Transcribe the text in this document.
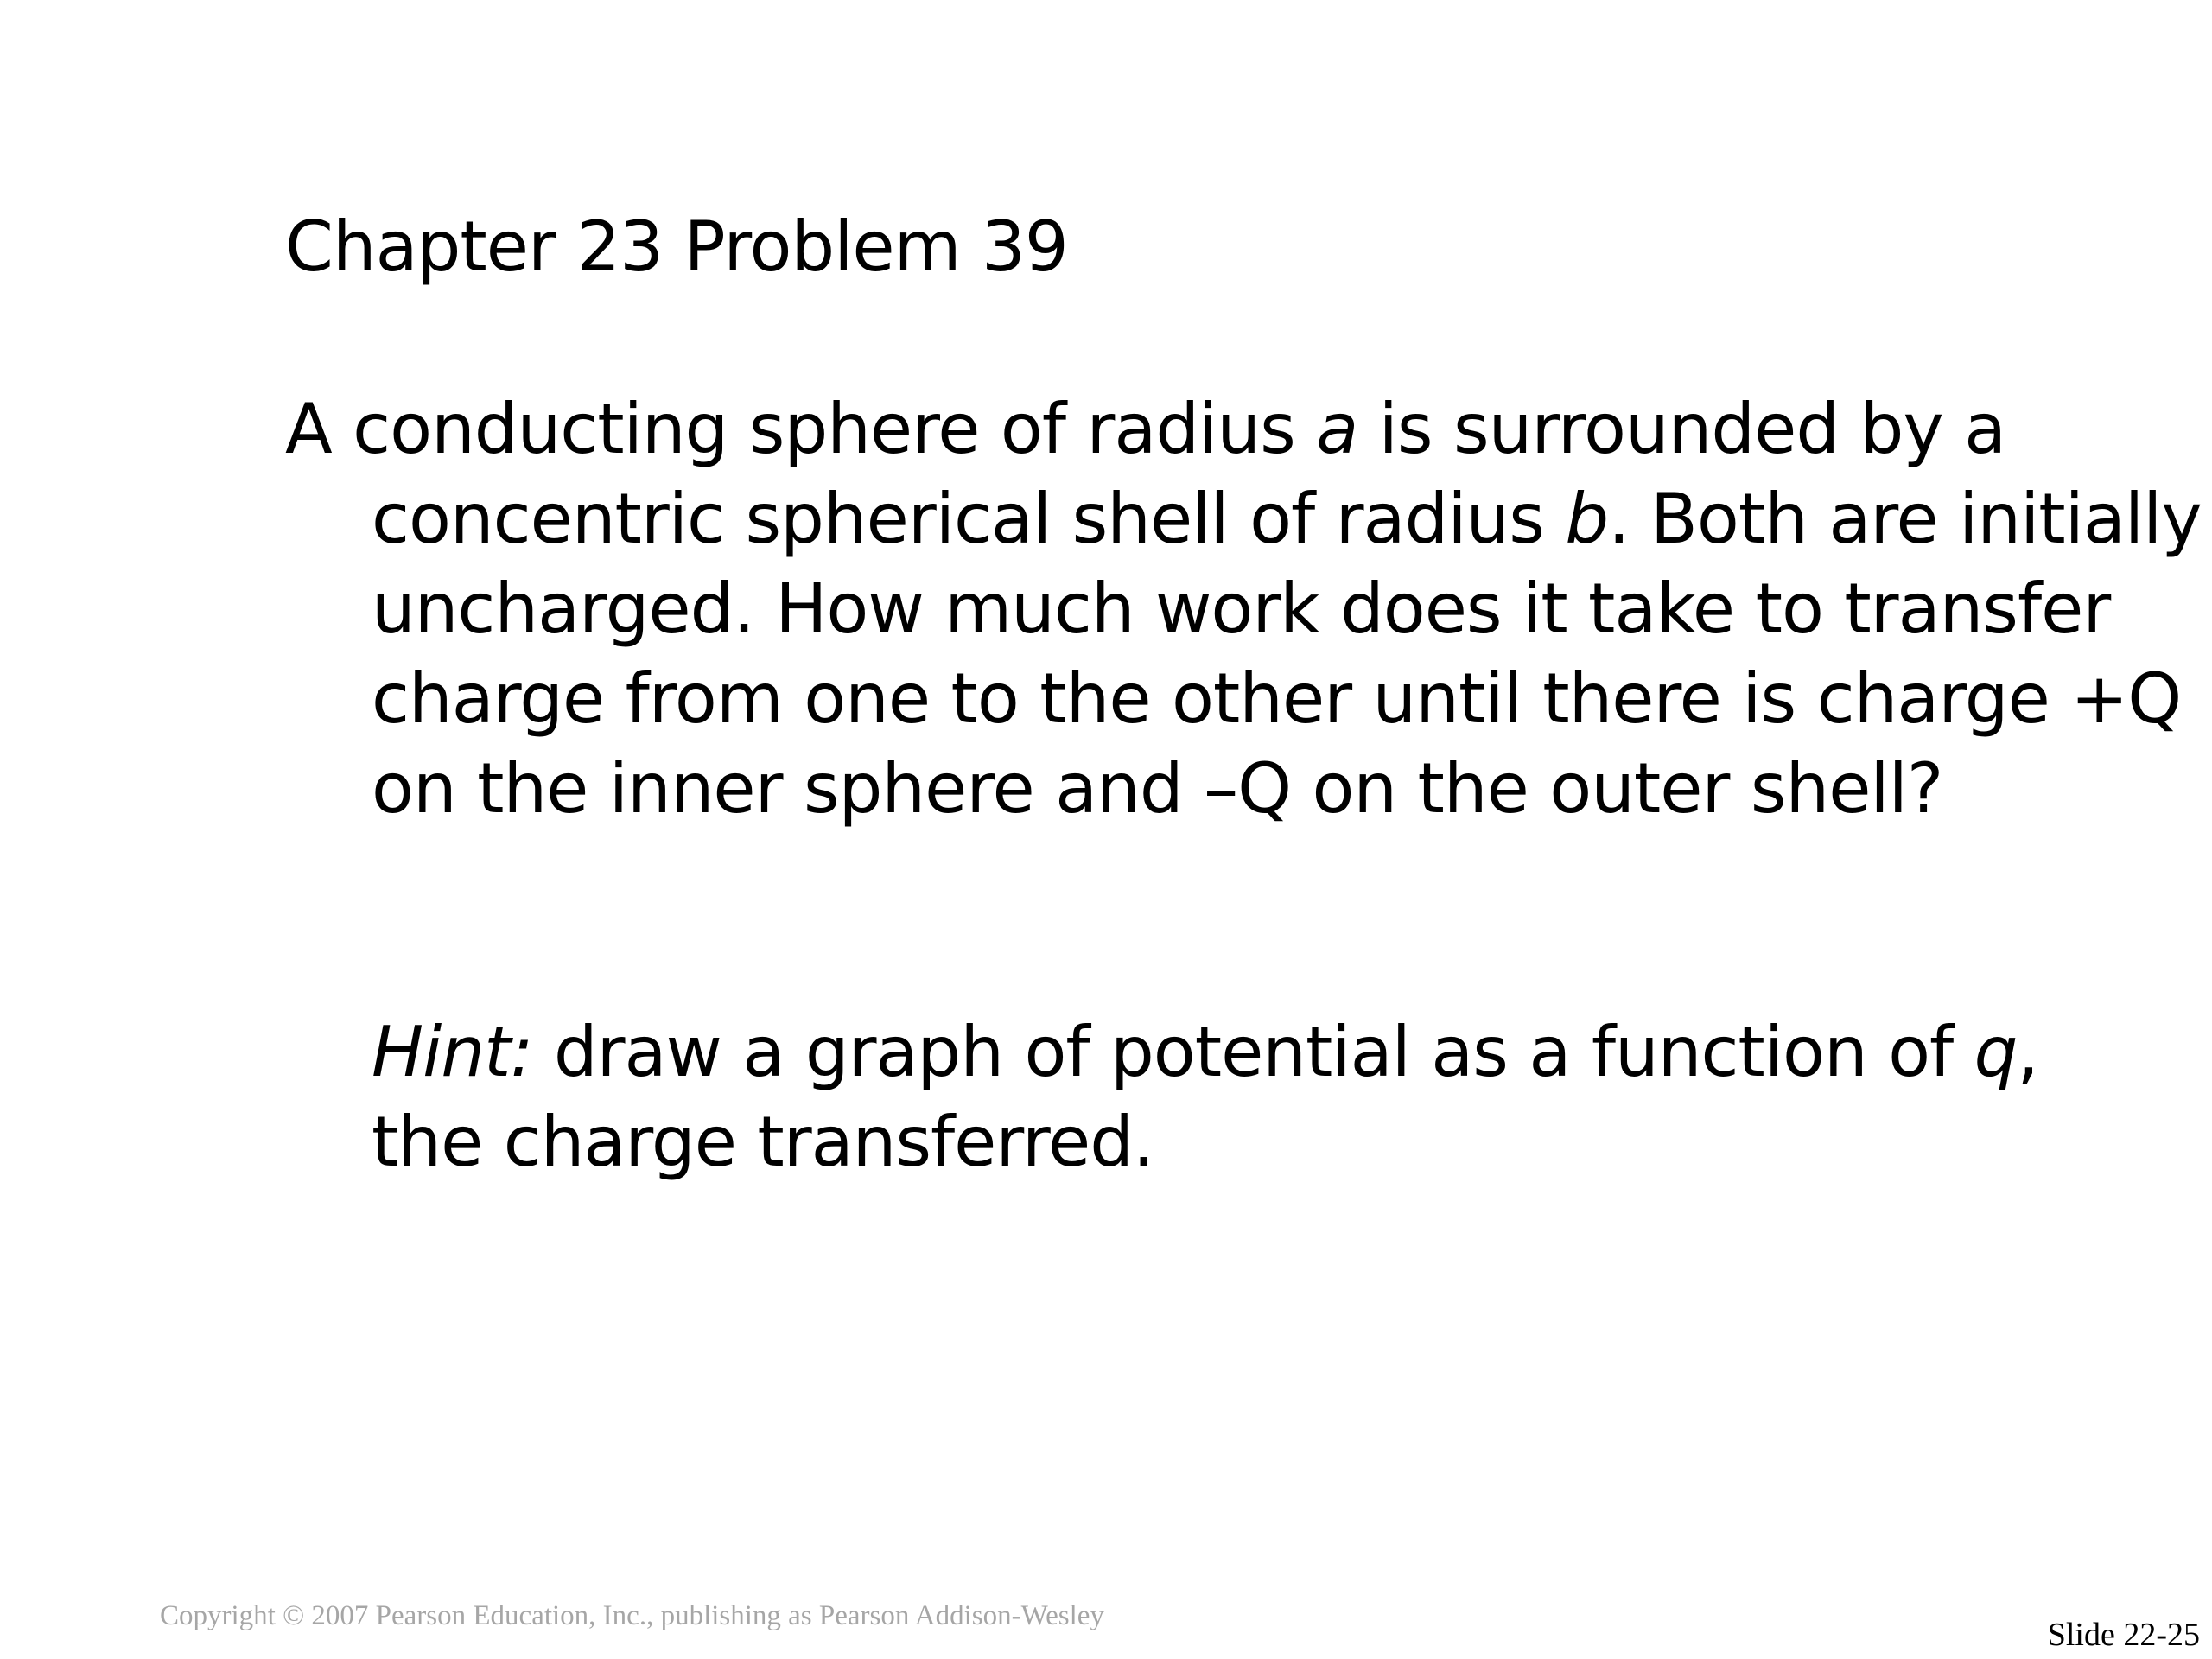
Chapter 23 Problem 39
A conducting sphere of radius a is surrounded by a concentric spherical shell of radius b. Both are initially uncharged. How much work does it take to transfer charge from one to the other until there is charge +Q on the inner sphere and –Q on the outer shell?
Hint: draw a graph of potential as a function of q, the charge transferred.
Copyright © 2007 Pearson Education, Inc., publishing as Pearson Addison-Wesley
Slide 22-25
